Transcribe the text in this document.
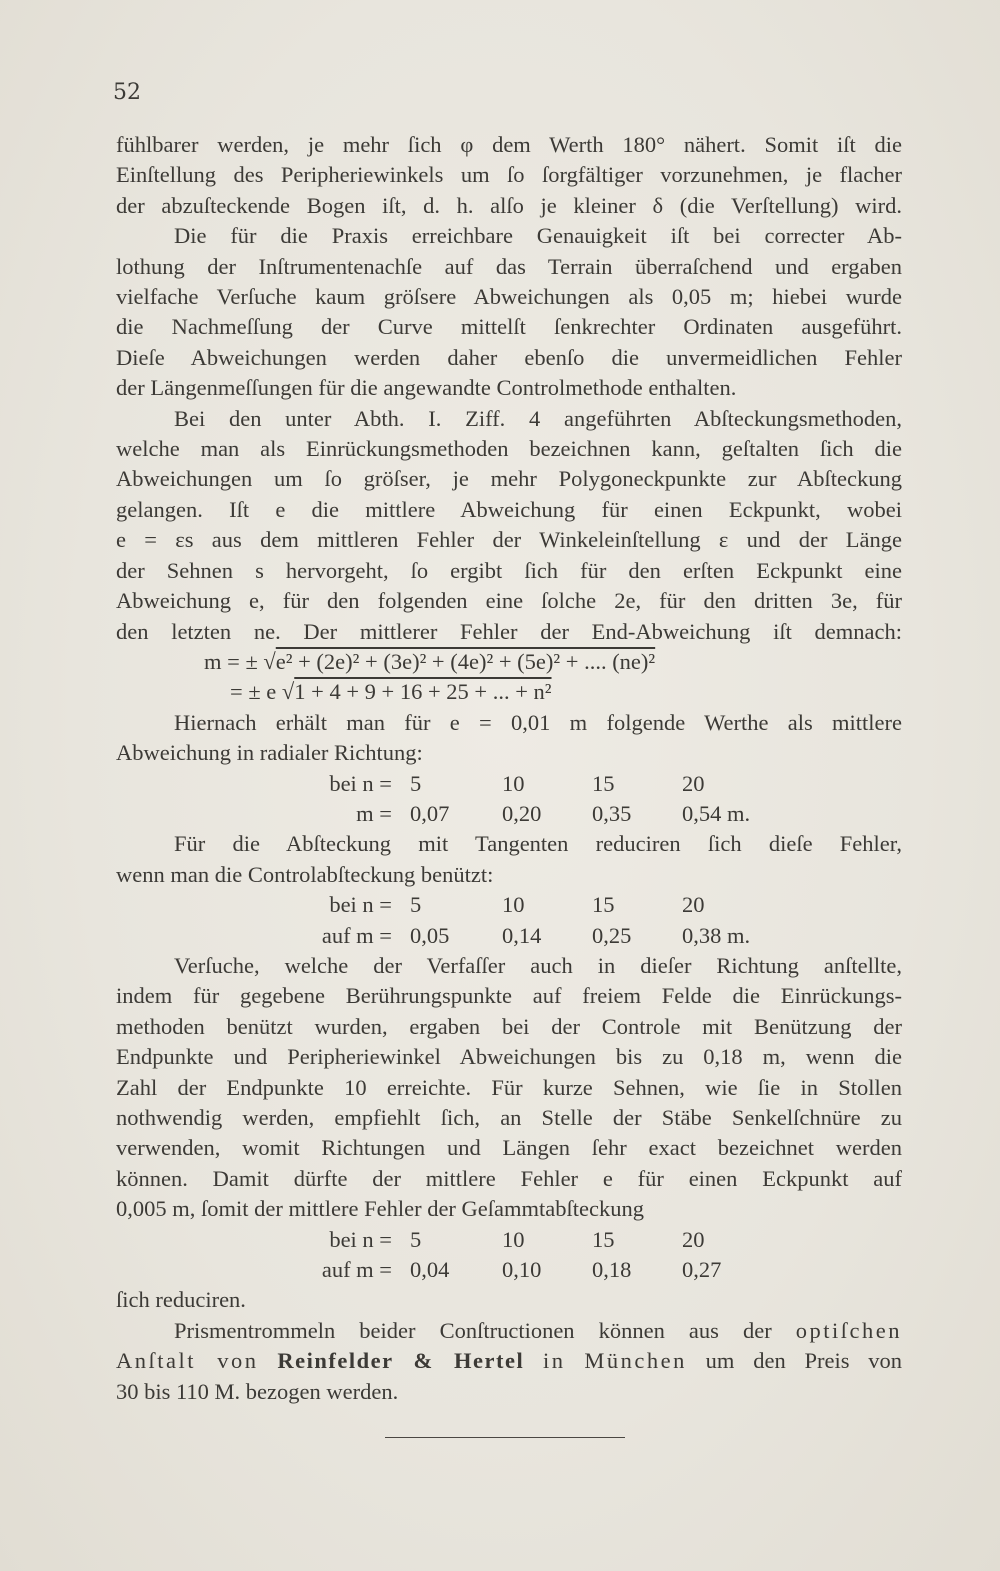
52
fühlbarer werden, je mehr ſich φ dem Werth 180° nähert. Somit iſt die
Einſtellung des Peripheriewinkels um ſo ſorgfältiger vorzunehmen, je flacher
der abzuſteckende Bogen iſt, d. h. alſo je kleiner δ (die Verſtellung) wird.
Die für die Praxis erreichbare Genauigkeit iſt bei correcter Ab-
lothung der Inſtrumentenachſe auf das Terrain überraſchend und ergaben
vielfache Verſuche kaum gröſsere Abweichungen als 0,05 m; hiebei wurde
die Nachmeſſung der Curve mittelſt ſenkrechter Ordinaten ausgeführt.
Dieſe Abweichungen werden daher ebenſo die unvermeidlichen Fehler
der Längenmeſſungen für die angewandte Controlmethode enthalten.
Bei den unter Abth. I. Ziff. 4 angeführten Abſteckungsmethoden,
welche man als Einrückungsmethoden bezeichnen kann, geſtalten ſich die
Abweichungen um ſo gröſser, je mehr Polygoneckpunkte zur Abſteckung
gelangen. Iſt e die mittlere Abweichung für einen Eckpunkt, wobei
e = εs aus dem mittleren Fehler der Winkeleinſtellung ε und der Länge
der Sehnen s hervorgeht, ſo ergibt ſich für den erſten Eckpunkt eine
Abweichung e, für den folgenden eine ſolche 2e, für den dritten 3e, für
den letzten ne. Der mittlerer Fehler der End-Abweichung iſt demnach:
m = ± √e² + (2e)² + (3e)² + (4e)² + (5e)² + .... (ne)²
= ± e √1 + 4 + 9 + 16 + 25 + ... + n²
Hiernach erhält man für e = 0,01 m folgende Werthe als mittlere
Abweichung in radialer Richtung:
bei n = 5	10	15	20
m = 0,07	0,20	0,35	0,54 m.
Für die Abſteckung mit Tangenten reduciren ſich dieſe Fehler,
wenn man die Controlabſteckung benützt:
bei n = 5	10	15	20
auf m = 0,05	0,14	0,25	0,38 m.
Verſuche, welche der Verfaſſer auch in dieſer Richtung anſtellte,
indem für gegebene Berührungspunkte auf freiem Felde die Einrückungs-
methoden benützt wurden, ergaben bei der Controle mit Benützung der
Endpunkte und Peripheriewinkel Abweichungen bis zu 0,18 m, wenn die
Zahl der Endpunkte 10 erreichte. Für kurze Sehnen, wie ſie in Stollen
nothwendig werden, empfiehlt ſich, an Stelle der Stäbe Senkelſchnüre zu
verwenden, womit Richtungen und Längen ſehr exact bezeichnet werden
können. Damit dürfte der mittlere Fehler e für einen Eckpunkt auf
0,005 m, ſomit der mittlere Fehler der Geſammtabſteckung
bei n = 5	10	15	20
auf m = 0,04	0,10	0,18	0,27
ſich reduciren.
Prismentrommeln beider Conſtructionen können aus der optiſchen
Anſtalt von Reinfelder & Hertel in München um den Preis von
30 bis 110 M. bezogen werden.
